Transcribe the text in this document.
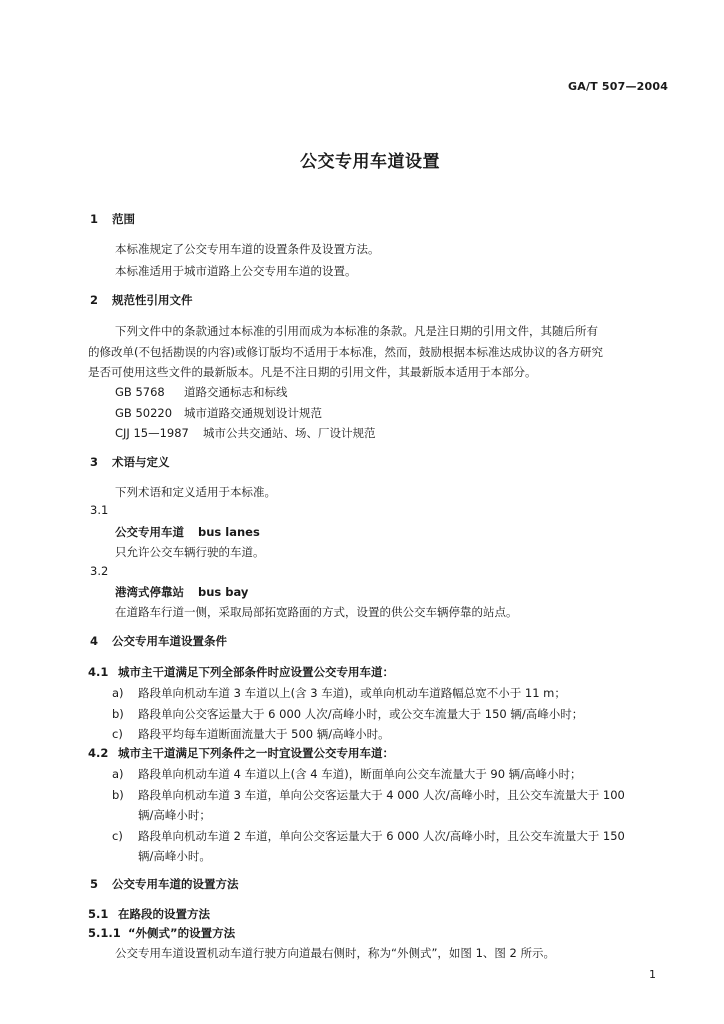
GA/T 507—2004
公交专用车道设置
1 范围
本标准规定了公交专用车道的设置条件及设置方法。
本标准适用于城市道路上公交专用车道的设置。
2 规范性引用文件
下列文件中的条款通过本标准的引用而成为本标准的条款。凡是注日期的引用文件，其随后所有
的修改单(不包括勘误的内容)或修订版均不适用于本标准，然而，鼓励根据本标准达成协议的各方研究
是否可使用这些文件的最新版本。凡是不注日期的引用文件，其最新版本适用于本部分。
GB 5768 道路交通标志和标线
GB 50220 城市道路交通规划设计规范
CJJ 15—1987 城市公共交通站、场、厂设计规范
3 术语与定义
下列术语和定义适用于本标准。
3.1
公交专用车道 bus lanes
只允许公交车辆行驶的车道。
3.2
港湾式停靠站 bus bay
在道路车行道一侧，采取局部拓宽路面的方式，设置的供公交车辆停靠的站点。
4 公交专用车道设置条件
4.1 城市主干道满足下列全部条件时应设置公交专用车道：
a) 路段单向机动车道 3 车道以上(含 3 车道)，或单向机动车道路幅总宽不小于 11 m；
b) 路段单向公交客运量大于 6 000 人次/高峰小时，或公交车流量大于 150 辆/高峰小时；
c) 路段平均每车道断面流量大于 500 辆/高峰小时。
4.2 城市主干道满足下列条件之一时宜设置公交专用车道：
a) 路段单向机动车道 4 车道以上(含 4 车道)，断面单向公交车流量大于 90 辆/高峰小时；
b) 路段单向机动车道 3 车道，单向公交客运量大于 4 000 人次/高峰小时，且公交车流量大于 100
辆/高峰小时；
c) 路段单向机动车道 2 车道，单向公交客运量大于 6 000 人次/高峰小时，且公交车流量大于 150
辆/高峰小时。
5 公交专用车道的设置方法
5.1 在路段的设置方法
5.1.1 “外侧式”的设置方法
公交专用车道设置机动车道行驶方向道最右侧时，称为“外侧式”，如图 1、图 2 所示。
1
